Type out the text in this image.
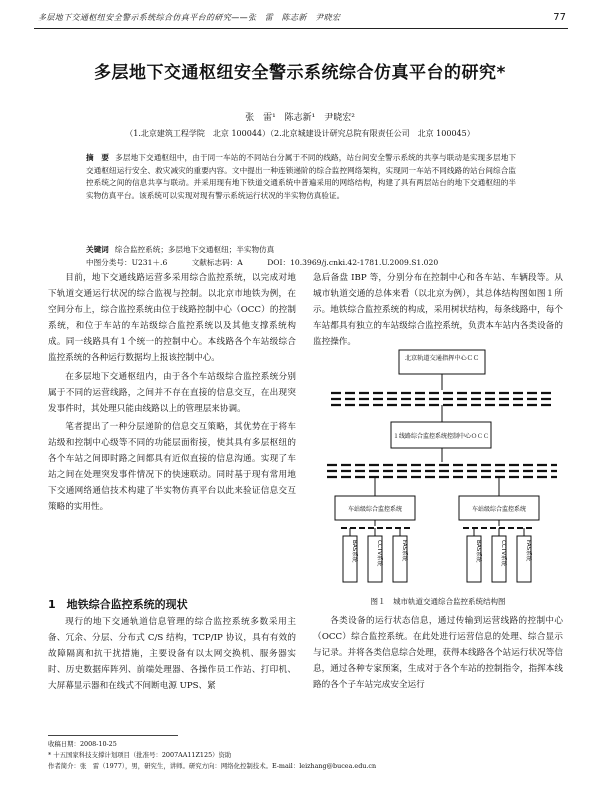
多层地下交通枢纽安全警示系统综合仿真平台的研究——张　雷　陈志新　尹晓宏	77
多层地下交通枢纽安全警示系统综合仿真平台的研究*
张　雷¹　陈志新¹　尹晓宏²
（1.北京建筑工程学院　北京 100044）（2.北京城建设计研究总院有限责任公司　北京 100045）
摘　要 多层地下交通枢纽中，由于同一车站的不同站台分属于不同的线路，站台间安全警示系统的共享与联动是实现多层地下交通枢纽运行安全、救灾减灾的重要内容。文中提出一种连锁递阶的综合监控网络架构，实现同一车站不同线路的站台间综合监控系统之间的信息共享与联动。并采用现有地下铁道交通系统中普遍采用的网络结构，构建了具有两层站台的地下交通枢纽的半实物仿真平台。该系统可以实现对现有警示系统运行状况的半实物仿真验证。
关键词 综合监控系统；多层地下交通枢纽；半实物仿真
中图分类号：U231＋.6	文献标志码：A	DOI：10.3969/j.cnki.42-1781.U.2009.S1.020

目前，地下交通线路运营多采用综合监控系统，以完成对地下轨道交通运行状况的综合监视与控制。以北京市地铁为例，在空间分布上，综合监控系统由位于线路控制中心（OCC）的控制系统，和位于车站的车站级综合监控系统以及其他支撑系统构成。同一线路具有１个统一的控制中心。本线路各个车站级综合监控系统的各种运行数据均上报该控制中心。

在多层地下交通枢纽内，由于各个车站级综合监控系统分别属于不同的运营线路，之间并不存在直接的信息交互，在出现突发事件时，其处理只能由线路以上的管理层来协调。

笔者提出了一种分层递阶的信息交互策略，其优势在于将车站级和控制中心级等不同的功能层面衔接，使其具有多层枢纽的各个车站之间即时路之间都具有近似直接的信息沟通。实现了车站之间在处理突发事件情况下的快速联动。同时基于现有常用地下交通网络通信技术构建了半实物仿真平台以此来验证信息交互策略的实用性。

急后备盘 IBP 等，分别分布在控制中心和各车站、车辆段等。从城市轨道交通的总体来看（以北京为例），其总体结构图如图１所示。地铁综合监控系统的构成，采用树状结构，每条线路中，每个车站都具有独立的车站级综合监控系统，负责本车站内各类设备的监控操作。

北京轨道交通指挥中心ＣＣ
１线路综合监控系统控制中心ＯＣＣ
车站级综合监控系统	车站级综合监控系统
BAS系统	CCTV系统	FAS系统	BAS系统	CCTV系统	FAS系统
图１　城市轨道交通综合监控系统结构图
1　地铁综合监控系统的现状

现行的地下交通轨道信息管理的综合监控系统多数采用主备、冗余、分层、分布式 C/S 结构，TCP/IP 协议，具有有效的故障隔离和抗干扰措施，主要设备有以太网交换机、服务器实时、历史数据库阵列、前端处理器、各操作员工作站、打印机、大屏幕显示器和在线式不间断电源 UPS、紧

各类设备的运行状态信息，通过传输到运营线路的控制中心（OCC）综合监控系统。在此处进行运营信息的处理、综合显示与记录。并将各类信息综合处理，获得本线路各个站运行状况等信息，通过各种专家预案，生成对于各个车站的控制指令，指挥本线路的各个子车站完成安全运行

收稿日期：2008-10-25
* 十五国家科技支撑计划项目（批准号：2007AA11Z125）资助
作者简介：张　雷（1977），男，研究生，讲师。研究方向：网络化控制技术。E-mail：leizhang@bucea.edu.cn
